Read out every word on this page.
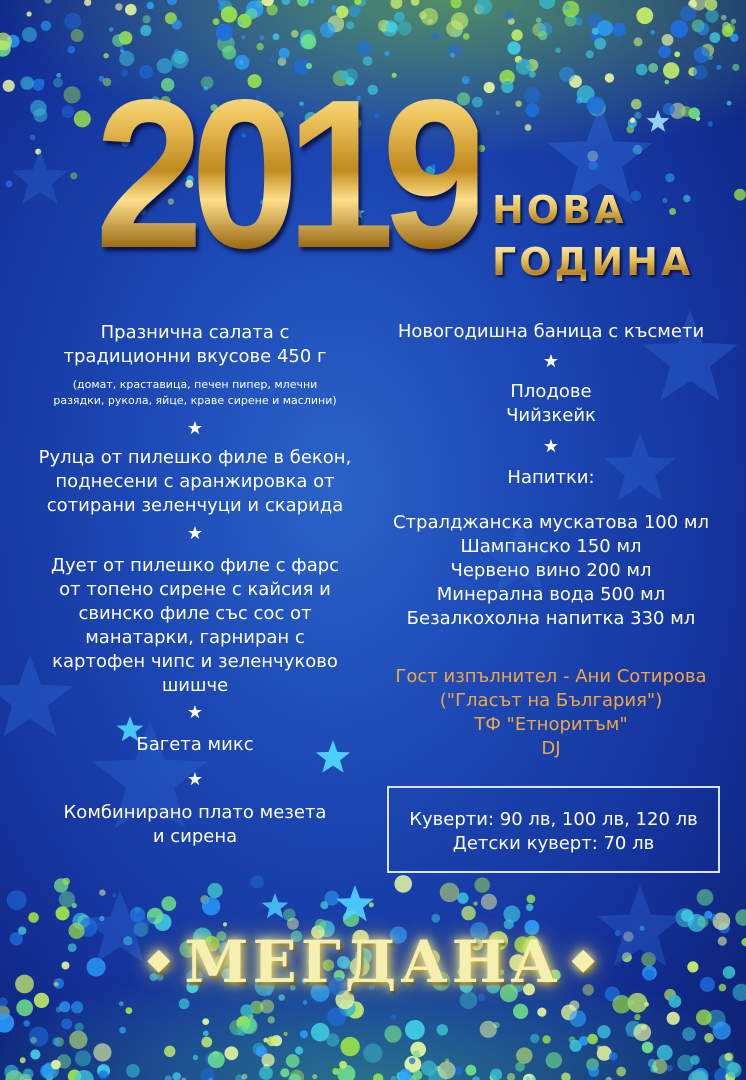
2019 НОВА
ГОДИНА
Празнична салата с
традиционни вкусове 450 г
(домат, краставица, печен пипер, млечни
разядки, рукола, яйце, краве сирене и маслини)
★
Рулца от пилешко филе в бекон,
поднесени с аранжировка от
сотирани зеленчуци и скарида
★
Дует от пилешко филе с фарс
от топено сирене с кайсия и
свинско филе със сос от
манатарки, гарниран с
картофен чипс и зеленчуково
шишче
★
Багета микс
★
Комбинирано плато мезета
и сирена
Новогодишна баница с късмети
★
Плодове
Чийзкейк
★
Напитки:
Стралджанска мускатова 100 мл
Шампанско 150 мл
Червено вино 200 мл
Минерална вода 500 мл
Безалкохолна напитка 330 мл
Гост изпълнител - Ани Сотирова
("Гласът на България")
ТФ "Етноритъм"
DJ
Куверти: 90 лв, 100 лв, 120 лв
Детски куверт: 70 лв
◆ МЕГДАНА ◆
